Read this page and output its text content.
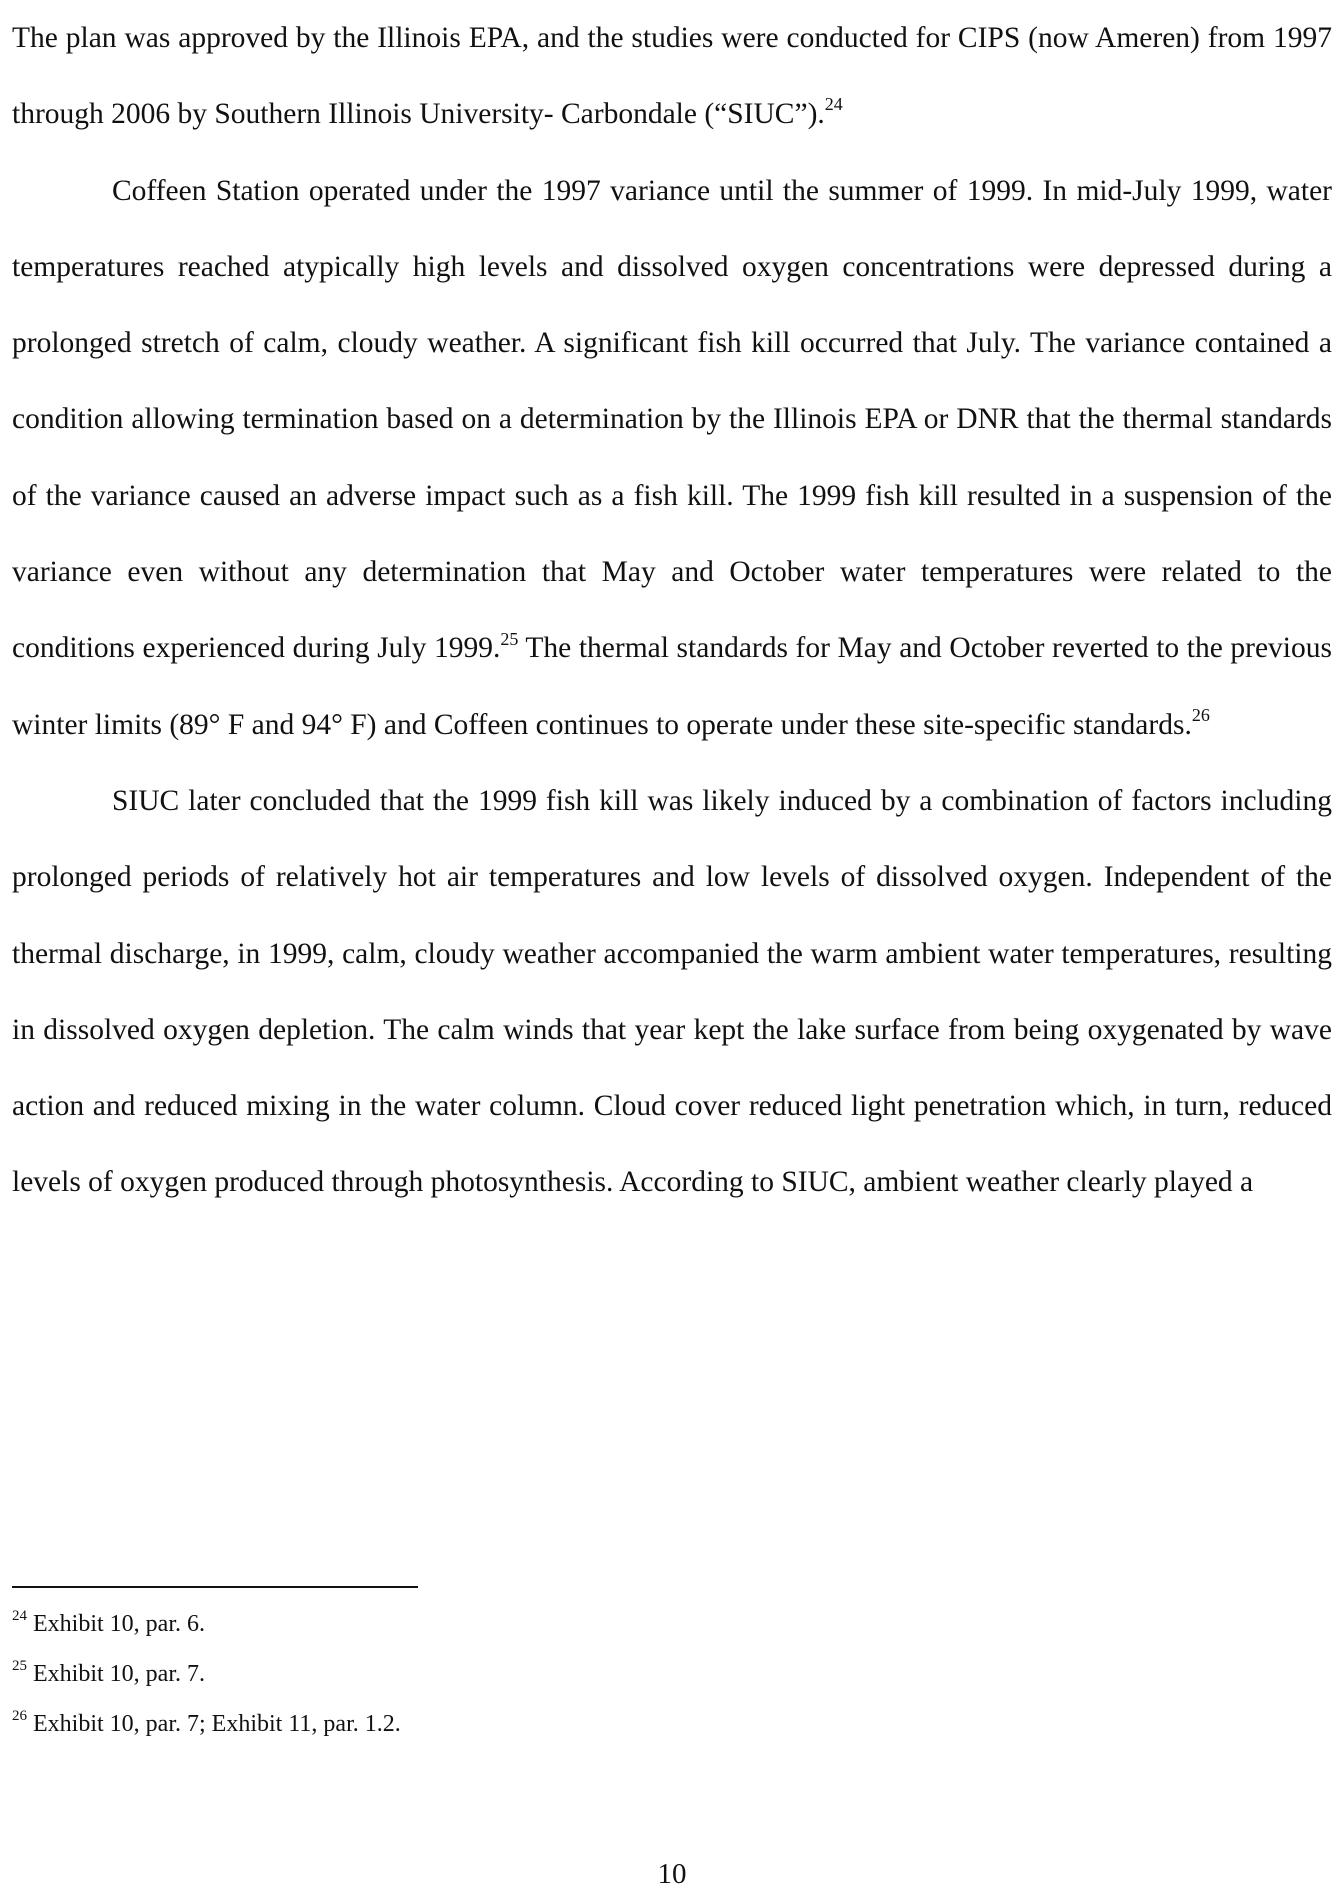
The plan was approved by the Illinois EPA, and the studies were conducted for CIPS (now Ameren) from 1997 through 2006 by Southern Illinois University- Carbondale (“SIUC”).$^{24}$

Coffeen Station operated under the 1997 variance until the summer of 1999. In mid-July 1999, water temperatures reached atypically high levels and dissolved oxygen concentrations were depressed during a prolonged stretch of calm, cloudy weather. A significant fish kill occurred that July. The variance contained a condition allowing termination based on a determination by the Illinois EPA or DNR that the thermal standards of the variance caused an adverse impact such as a fish kill. The 1999 fish kill resulted in a suspension of the variance even without any determination that May and October water temperatures were related to the conditions experienced during July 1999.25 The thermal standards for May and October reverted to the previous winter limits (89° F and 94° F) and Coffeen continues to operate under these site-specific standards.$^{26}$

SIUC later concluded that the 1999 fish kill was likely induced by a combination of factors including prolonged periods of relatively hot air temperatures and low levels of dissolved oxygen. Independent of the thermal discharge, in 1999, calm, cloudy weather accompanied the warm ambient water temperatures, resulting in dissolved oxygen depletion. The calm winds that year kept the lake surface from being oxygenated by wave action and reduced mixing in the water column. Cloud cover reduced light penetration which, in turn, reduced levels of oxygen produced through photosynthesis. According to SIUC, ambient weather clearly played a

$^{24}$ Exhibit 10, par. 6.
$^{25}$ Exhibit 10, par. 7.
$^{26}$ Exhibit 10, par. 7; Exhibit 11, par. 1.2.
10
